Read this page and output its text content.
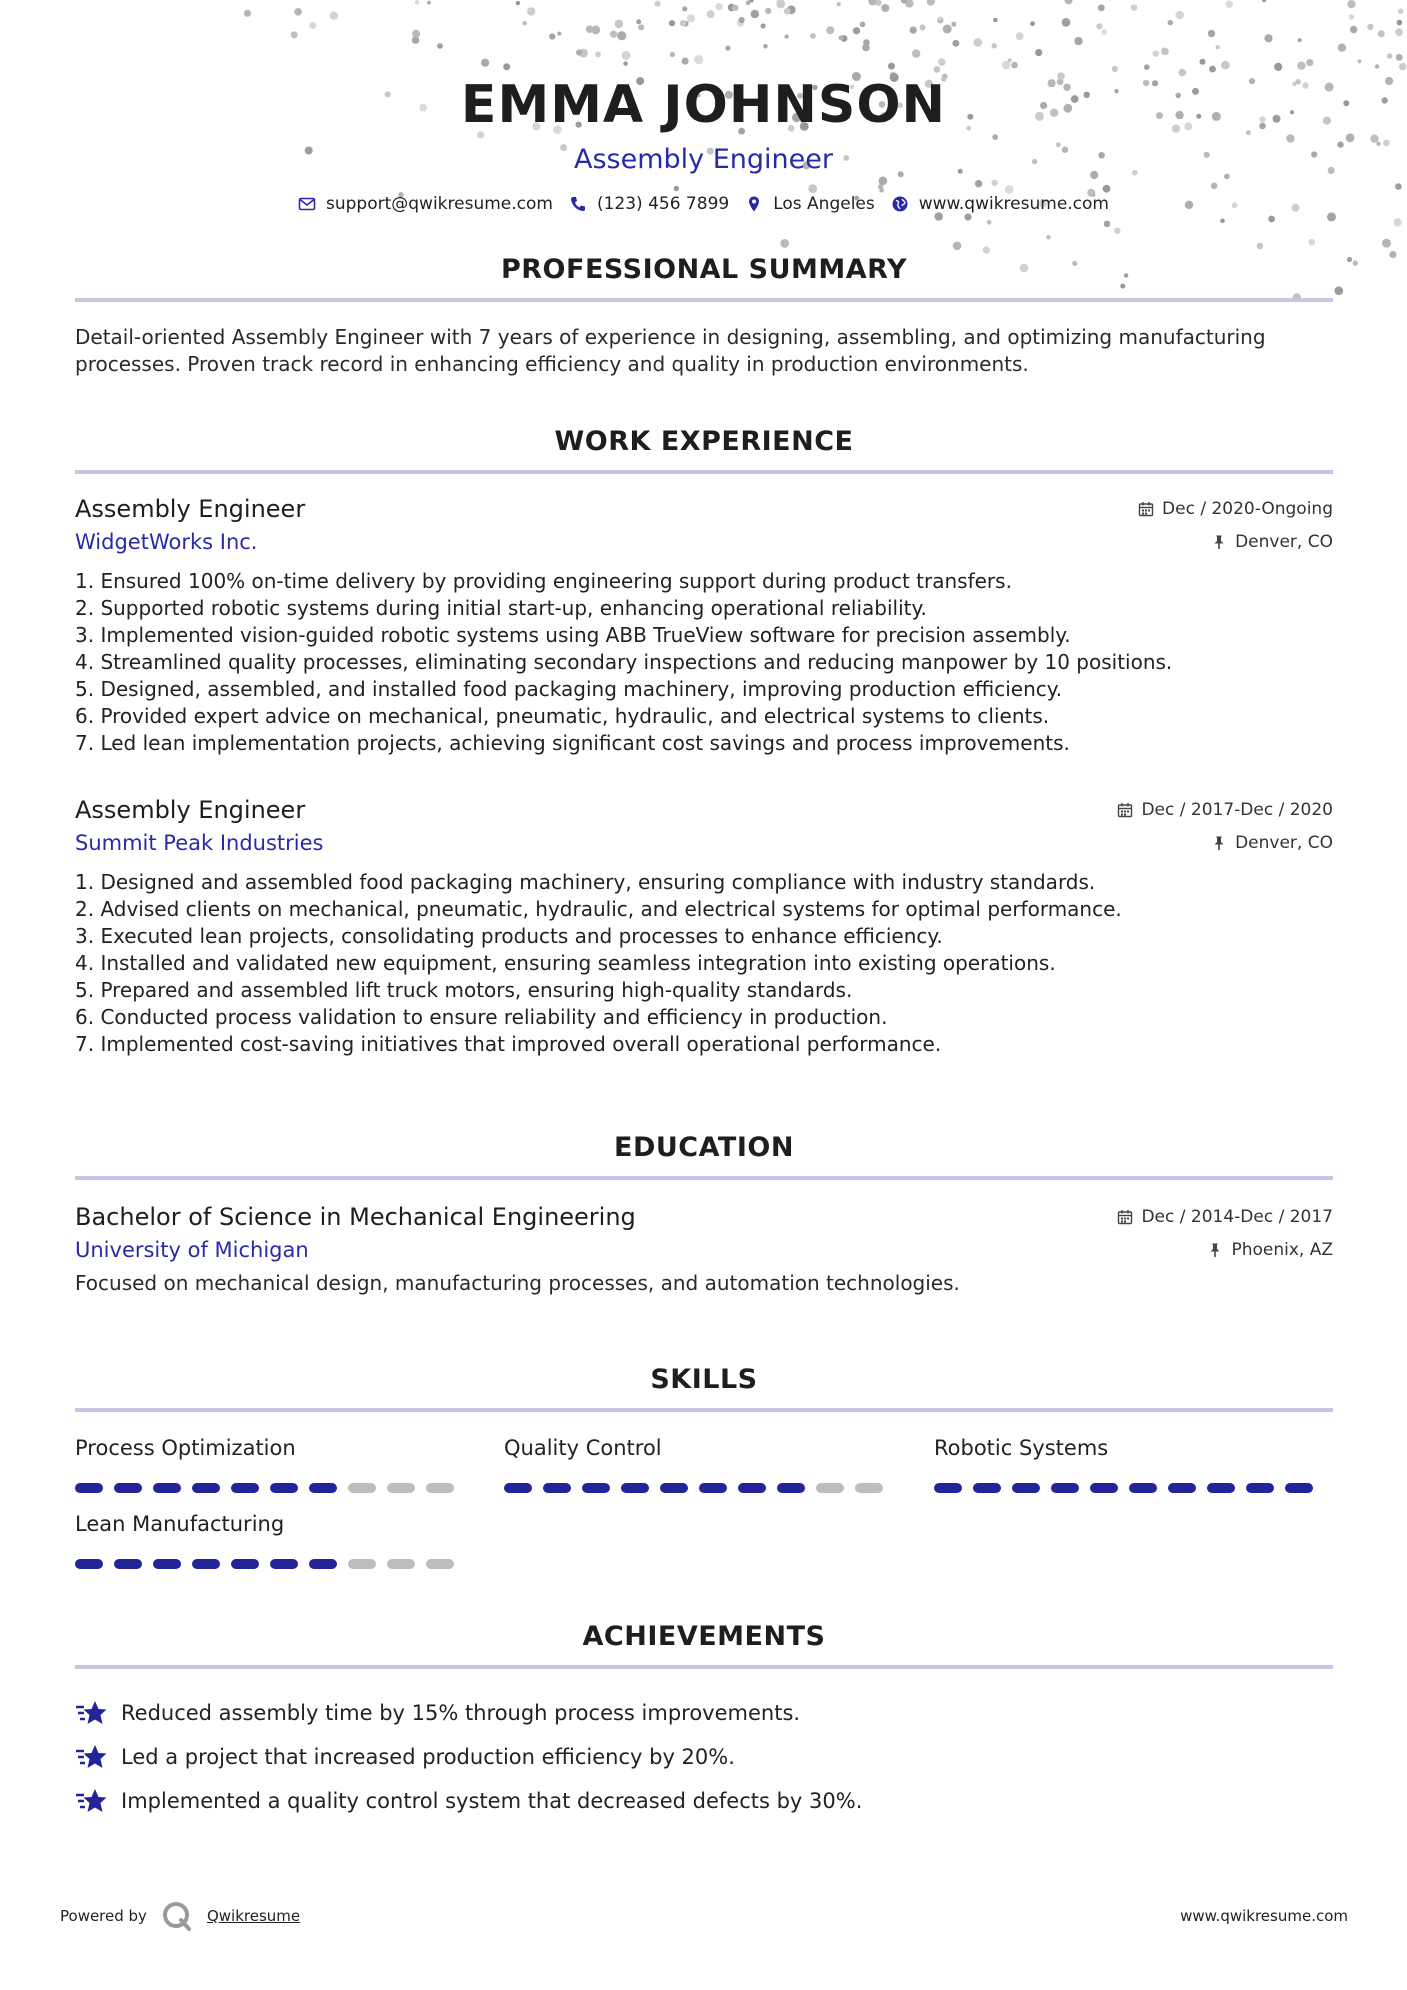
EMMA JOHNSON
Assembly Engineer
support@qwikresume.com	(123) 456 7899	Los Angeles	www.qwikresume.com
PROFESSIONAL SUMMARY
Detail-oriented Assembly Engineer with 7 years of experience in designing, assembling, and optimizing manufacturing processes. Proven track record in enhancing efficiency and quality in production environments.
WORK EXPERIENCE
Assembly Engineer	Dec / 2020-Ongoing
WidgetWorks Inc.	Denver, CO
1. Ensured 100% on-time delivery by providing engineering support during product transfers.
2. Supported robotic systems during initial start-up, enhancing operational reliability.
3. Implemented vision-guided robotic systems using ABB TrueView software for precision assembly.
4. Streamlined quality processes, eliminating secondary inspections and reducing manpower by 10 positions.
5. Designed, assembled, and installed food packaging machinery, improving production efficiency.
6. Provided expert advice on mechanical, pneumatic, hydraulic, and electrical systems to clients.
7. Led lean implementation projects, achieving significant cost savings and process improvements.
Assembly Engineer	Dec / 2017-Dec / 2020
Summit Peak Industries	Denver, CO
1. Designed and assembled food packaging machinery, ensuring compliance with industry standards.
2. Advised clients on mechanical, pneumatic, hydraulic, and electrical systems for optimal performance.
3. Executed lean projects, consolidating products and processes to enhance efficiency.
4. Installed and validated new equipment, ensuring seamless integration into existing operations.
5. Prepared and assembled lift truck motors, ensuring high-quality standards.
6. Conducted process validation to ensure reliability and efficiency in production.
7. Implemented cost-saving initiatives that improved overall operational performance.
EDUCATION
Bachelor of Science in Mechanical Engineering	Dec / 2014-Dec / 2017
University of Michigan	Phoenix, AZ
Focused on mechanical design, manufacturing processes, and automation technologies.
SKILLS
Process Optimization	Quality Control	Robotic Systems
Lean Manufacturing
ACHIEVEMENTS
Reduced assembly time by 15% through process improvements.
Led a project that increased production efficiency by 20%.
Implemented a quality control system that decreased defects by 30%.
Powered by	Qwikresume	www.qwikresume.com
